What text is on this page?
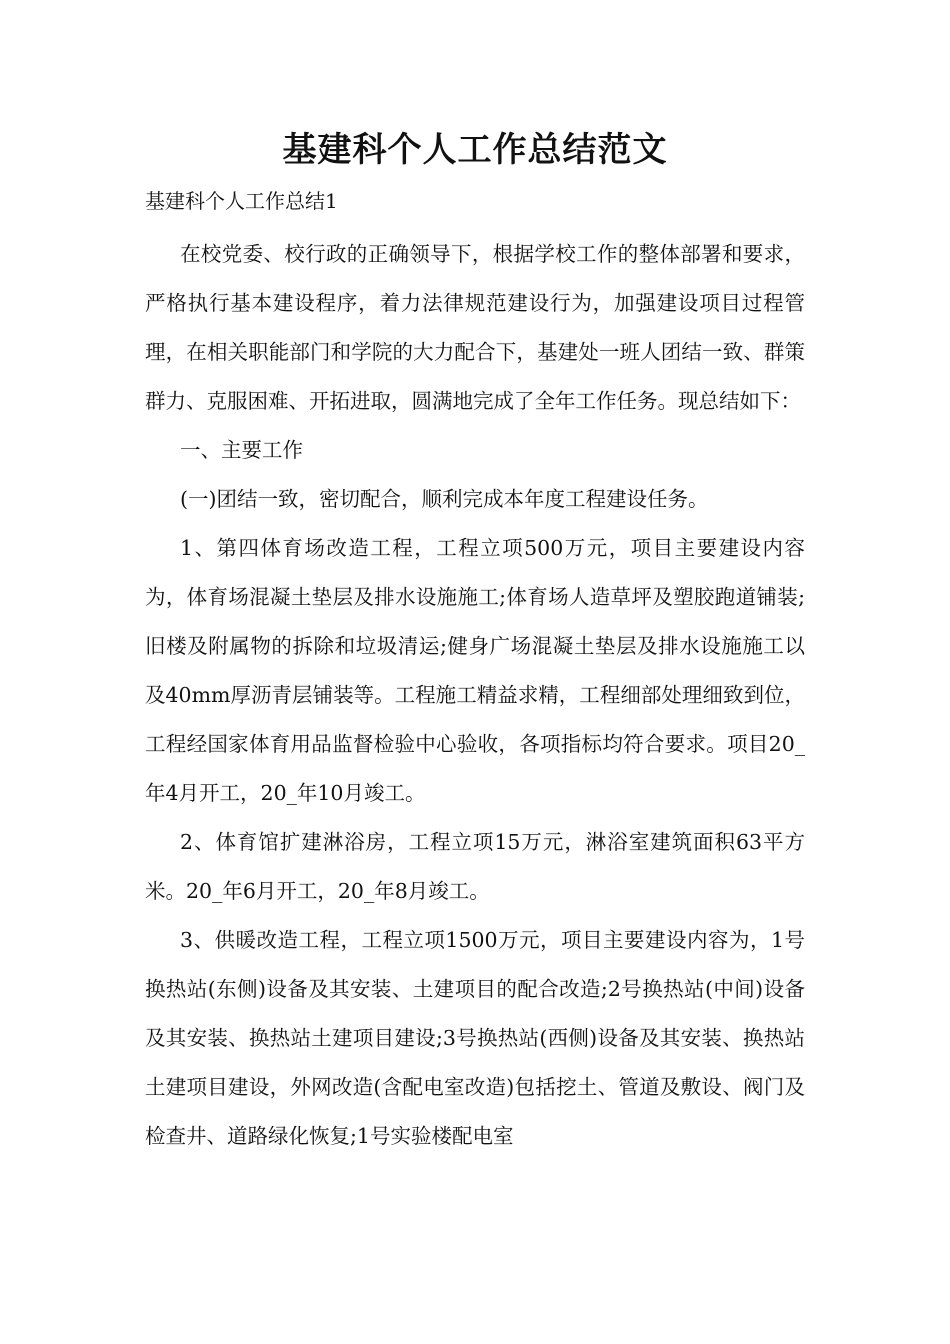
基建科个人工作总结范文
基建科个人工作总结1

在校党委、校行政的正确领导下，根据学校工作的整体部署和要求，严格执行基本建设程序，着力法律规范建设行为，加强建设项目过程管理，在相关职能部门和学院的大力配合下，基建处一班人团结一致、群策群力、克服困难、开拓进取，圆满地完成了全年工作任务。现总结如下：

一、主要工作

(一)团结一致，密切配合，顺利完成本年度工程建设任务。

1、第四体育场改造工程，工程立项500万元，项目主要建设内容为，体育场混凝土垫层及排水设施施工;体育场人造草坪及塑胶跑道铺装;旧楼及附属物的拆除和垃圾清运;健身广场混凝土垫层及排水设施施工以及40mm厚沥青层铺装等。工程施工精益求精，工程细部处理细致到位，工程经国家体育用品监督检验中心验收，各项指标均符合要求。项目20_年4月开工，20_年10月竣工。

2、体育馆扩建淋浴房，工程立项15万元，淋浴室建筑面积63平方米。20_年6月开工，20_年8月竣工。

3、供暖改造工程，工程立项1500万元，项目主要建设内容为，1号换热站(东侧)设备及其安装、土建项目的配合改造;2号换热站(中间)设备及其安装、换热站土建项目建设;3号换热站(西侧)设备及其安装、换热站土建项目建设，外网改造(含配电室改造)包括挖土、管道及敷设、阀门及检查井、道路绿化恢复;1号实验楼配电室
